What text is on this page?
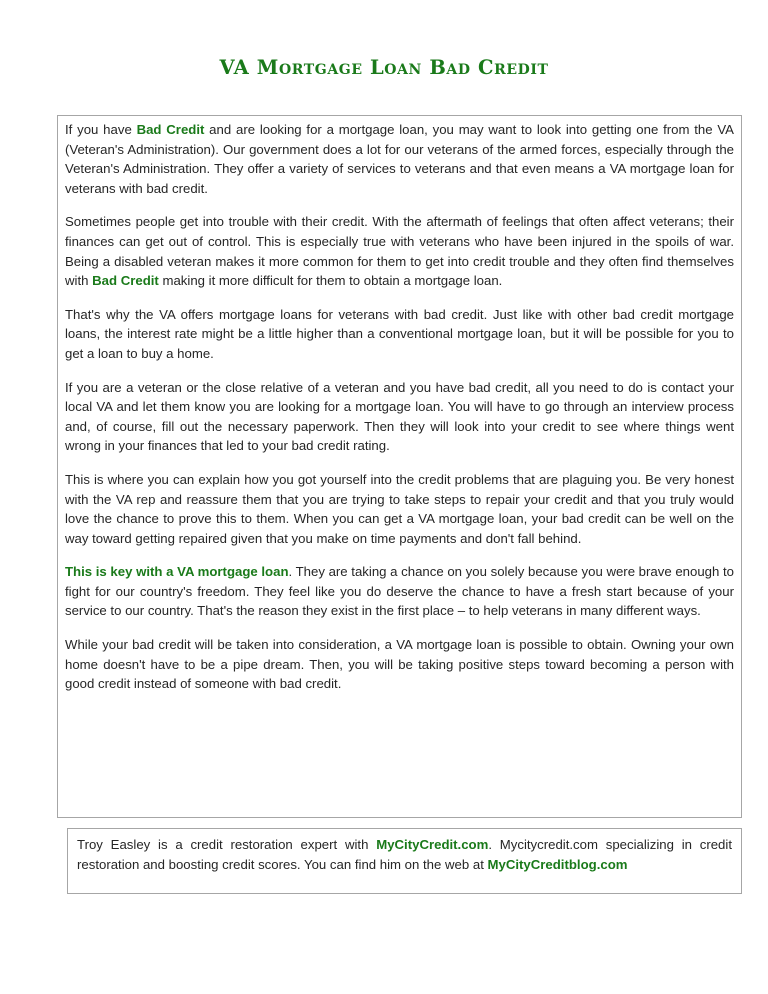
VA Mortgage Loan Bad Credit

If you have Bad Credit and are looking for a mortgage loan, you may want to look into getting one from the VA (Veteran's Administration). Our government does a lot for our veterans of the armed forces, especially through the Veteran's Administration. They offer a variety of services to veterans and that even means a VA mortgage loan for veterans with bad credit.

Sometimes people get into trouble with their credit. With the aftermath of feelings that often affect veterans; their finances can get out of control. This is especially true with veterans who have been injured in the spoils of war. Being a disabled veteran makes it more common for them to get into credit trouble and they often find themselves with Bad Credit making it more difficult for them to obtain a mortgage loan.

That's why the VA offers mortgage loans for veterans with bad credit. Just like with other bad credit mortgage loans, the interest rate might be a little higher than a conventional mortgage loan, but it will be possible for you to get a loan to buy a home.

If you are a veteran or the close relative of a veteran and you have bad credit, all you need to do is contact your local VA and let them know you are looking for a mortgage loan. You will have to go through an interview process and, of course, fill out the necessary paperwork. Then they will look into your credit to see where things went wrong in your finances that led to your bad credit rating.

This is where you can explain how you got yourself into the credit problems that are plaguing you. Be very honest with the VA rep and reassure them that you are trying to take steps to repair your credit and that you truly would love the chance to prove this to them. When you can get a VA mortgage loan, your bad credit can be well on the way toward getting repaired given that you make on time payments and don't fall behind.

This is key with a VA mortgage loan. They are taking a chance on you solely because you were brave enough to fight for our country's freedom. They feel like you do deserve the chance to have a fresh start because of your service to our country. That's the reason they exist in the first place – to help veterans in many different ways.

While your bad credit will be taken into consideration, a VA mortgage loan is possible to obtain. Owning your own home doesn't have to be a pipe dream. Then, you will be taking positive steps toward becoming a person with good credit instead of someone with bad credit.

Troy Easley is a credit restoration expert with MyCityCredit.com. Mycitycredit.com specializing in credit restoration and boosting credit scores. You can find him on the web at MyCityCreditblog.com
